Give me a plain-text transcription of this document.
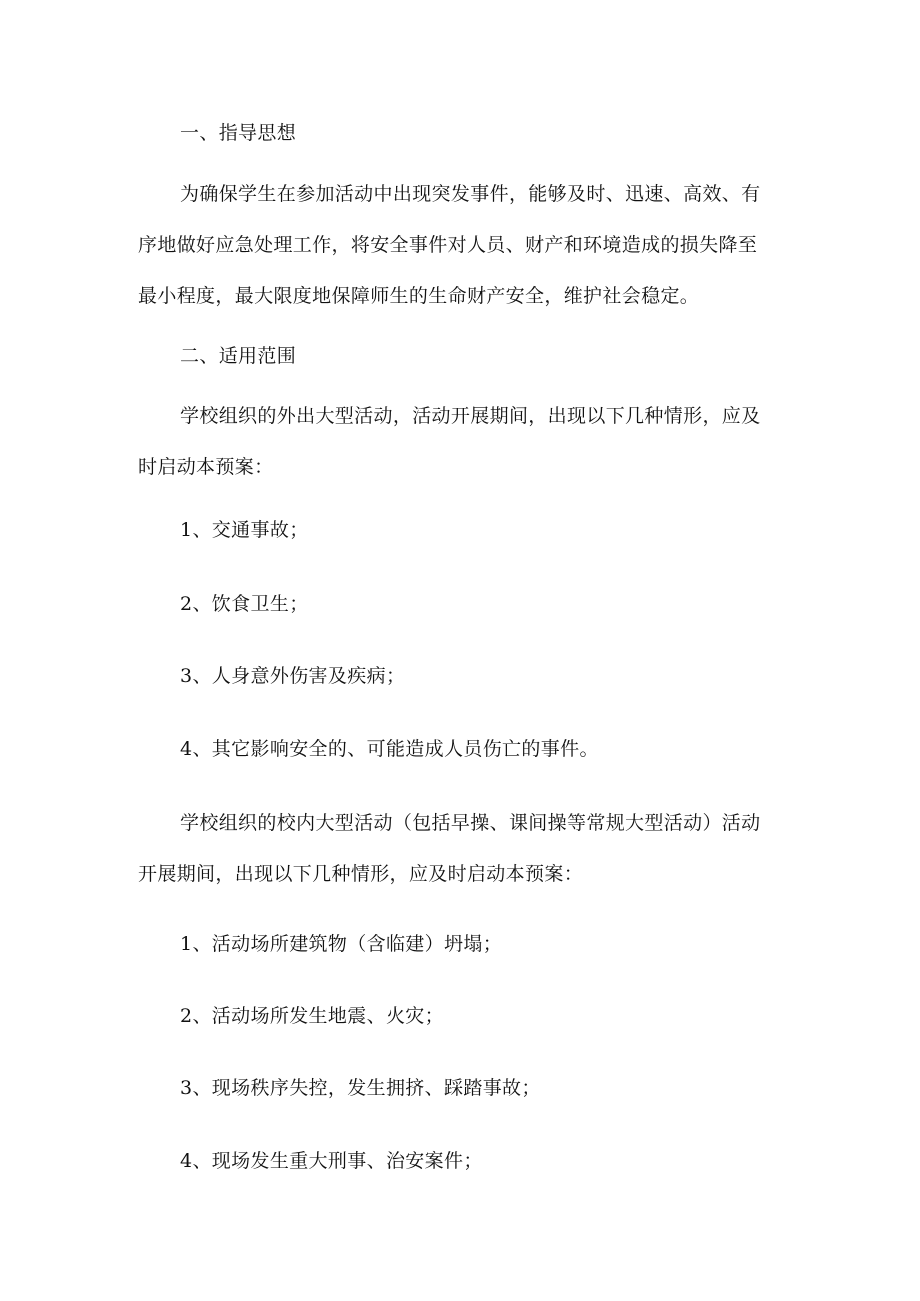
一、指导思想
为确保学生在参加活动中出现突发事件，能够及时、迅速、高效、有
序地做好应急处理工作，将安全事件对人员、财产和环境造成的损失降至
最小程度，最大限度地保障师生的生命财产安全，维护社会稳定。
二、适用范围
学校组织的外出大型活动，活动开展期间，出现以下几种情形，应及
时启动本预案：
1、交通事故；
2、饮食卫生；
3、人身意外伤害及疾病；
4、其它影响安全的、可能造成人员伤亡的事件。
学校组织的校内大型活动（包括早操、课间操等常规大型活动）活动
开展期间，出现以下几种情形，应及时启动本预案：
1、活动场所建筑物（含临建）坍塌；
2、活动场所发生地震、火灾；
3、现场秩序失控，发生拥挤、踩踏事故；
4、现场发生重大刑事、治安案件；
